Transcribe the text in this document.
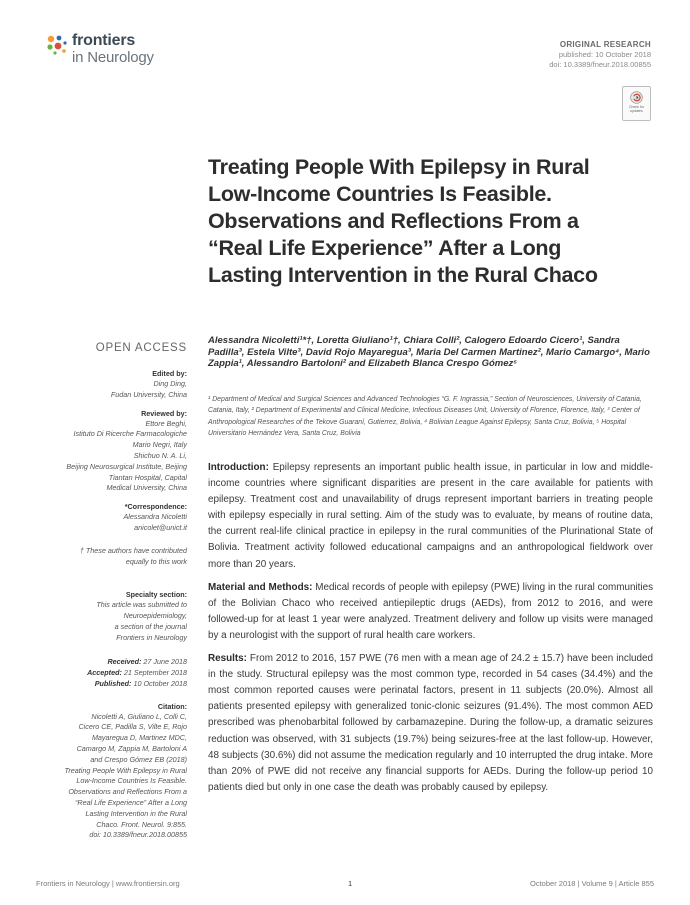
frontiers
in Neurology
ORIGINAL RESEARCH
published: 10 October 2018
doi: 10.3389/fneur.2018.00855
Check for
updates
Treating People With Epilepsy in Rural Low-Income Countries Is Feasible. Observations and Reflections From a “Real Life Experience” After a Long Lasting Intervention in the Rural Chaco
OPEN ACCESS
Edited by:
Ding Ding,
Fudan University, China
Reviewed by:
Ettore Beghi,
Istituto Di Ricerche Farmacologiche
Mario Negri, Italy
Shichuo N. A. Li,
Beijing Neurosurgical Institute, Beijing
Tiantan Hospital, Capital
Medical University, China
*Correspondence:
Alessandra Nicoletti
anicolet@unict.it
† These authors have contributed
equally to this work
Specialty section:
This article was submitted to
Neuroepidemiology,
a section of the journal
Frontiers in Neurology
Received: 27 June 2018
Accepted: 21 September 2018
Published: 10 October 2018
Citation:
Nicoletti A, Giuliano L, Colli C,
Cicero CE, Padilla S, Vilte E, Rojo
Mayaregua D, Martinez MDC,
Camargo M, Zappia M, Bartoloni A
and Crespo Gómez EB (2018)
Treating People With Epilepsy in Rural
Low-Income Countries Is Feasible.
Observations and Reflections From a
“Real Life Experience” After a Long
Lasting Intervention in the Rural
Chaco. Front. Neurol. 9:855.
doi: 10.3389/fneur.2018.00855
Alessandra Nicoletti¹*†, Loretta Giuliano¹†, Chiara Colli², Calogero Edoardo Cicero¹, Sandra Padilla³, Estela Vilte³, David Rojo Mayaregua³, Maria Del Carmen Martinez², Mario Camargo⁴, Mario Zappia¹, Alessandro Bartoloni² and Elizabeth Blanca Crespo Gómez⁵
¹ Department of Medical and Surgical Sciences and Advanced Technologies “G. F. Ingrassia,” Section of Neurosciences, University of Catania, Catania, Italy, ² Department of Experimental and Clinical Medicine, Infectious Diseases Unit, University of Florence, Florence, Italy, ³ Center of Anthropological Researches of the Tekove Guaraní, Gutierrez, Bolivia, ⁴ Bolivian League Against Epilepsy, Santa Cruz, Bolivia, ⁵ Hospital Universitario Hernández Vera, Santa Cruz, Bolivia

Introduction: Epilepsy represents an important public health issue, in particular in low and middle-income countries where significant disparities are present in the care available for patients with epilepsy. Treatment cost and unavailability of drugs represent important barriers in treating people with epilepsy especially in rural setting. Aim of the study was to evaluate, by means of routine data, the current real-life clinical practice in epilepsy in the rural communities of the Plurinational State of Bolivia. Treatment activity followed educational campaigns and an anthropological fieldwork over more than 20 years.

Material and Methods: Medical records of people with epilepsy (PWE) living in the rural communities of the Bolivian Chaco who received antiepileptic drugs (AEDs), from 2012 to 2016, and were followed-up for at least 1 year were analyzed. Treatment delivery and follow up visits were managed by a neurologist with the support of rural health care workers.

Results: From 2012 to 2016, 157 PWE (76 men with a mean age of 24.2 ± 15.7) have been included in the study. Structural epilepsy was the most common type, recorded in 54 cases (34.4%) and the most common reported causes were perinatal factors, present in 11 subjects (20.0%). Almost all patients presented epilepsy with generalized tonic-clonic seizures (91.4%). The most common AED prescribed was phenobarbital followed by carbamazepine. During the follow-up, a dramatic seizures reduction was observed, with 31 subjects (19.7%) being seizures-free at the last follow-up. However, 48 subjects (30.6%) did not assume the medication regularly and 10 interrupted the drug intake. More than 20% of PWE did not receive any financial supports for AEDs. During the follow-up period 10 patients died but only in one case the death was probably caused by epilepsy.

Frontiers in Neurology | www.frontiersin.org	1	October 2018 | Volume 9 | Article 855
